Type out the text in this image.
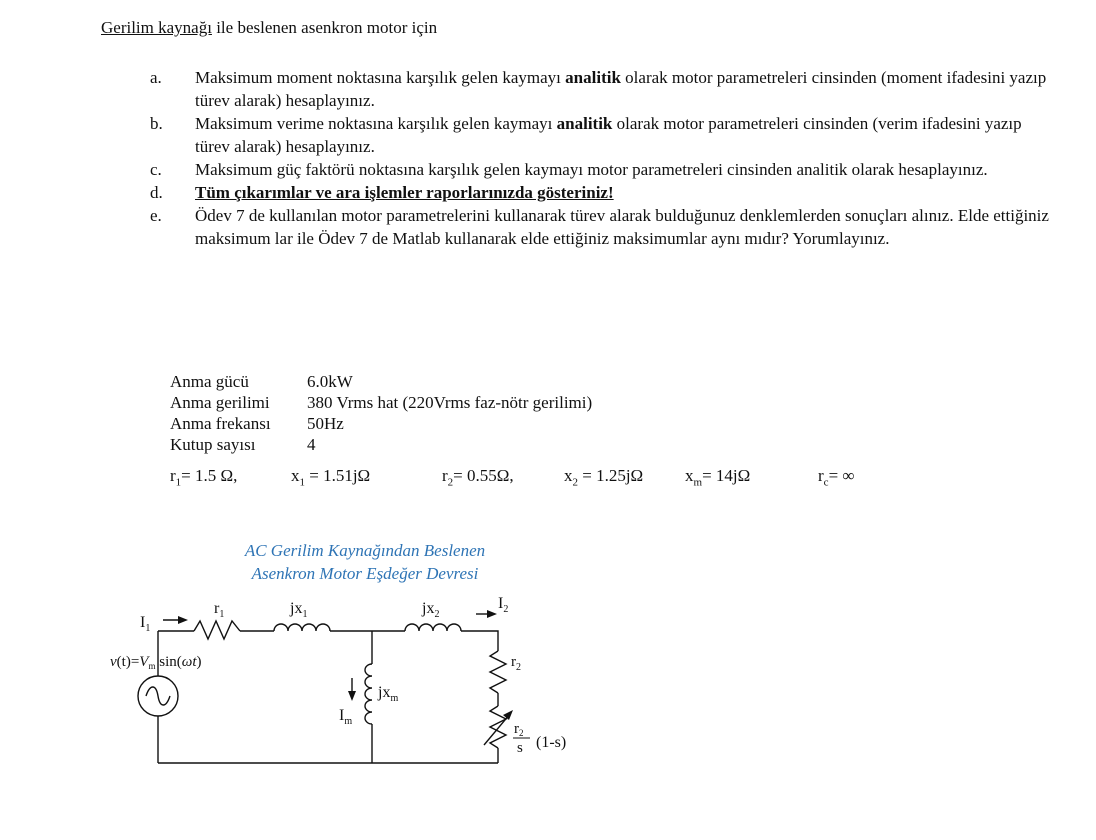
Gerilim kaynağı ile beslenen asenkron motor için
a. Maksimum moment noktasına karşılık gelen kaymayı analitik olarak motor parametreleri cinsinden (moment ifadesini yazıp türev alarak) hesaplayınız.
b. Maksimum verime noktasına karşılık gelen kaymayı analitik olarak motor parametreleri cinsinden (verim ifadesini yazıp türev alarak) hesaplayınız.
c. Maksimum güç faktörü noktasına karşılık gelen kaymayı motor parametreleri cinsinden analitik olarak hesaplayınız.
d. Tüm çıkarımlar ve ara işlemler raporlarınızda gösteriniz!
e. Ödev 7 de kullanılan motor parametrelerini kullanarak türev alarak bulduğunuz denklemlerden sonuçları alınız. Elde ettiğiniz maksimum lar ile Ödev 7 de Matlab kullanarak elde ettiğiniz maksimumlar aynı mıdır? Yorumlayınız.
Anma gücü	6.0kW
Anma gerilimi 380 Vrms hat (220Vrms faz-nötr gerilimi)
Anma frekansı 50Hz
Kutup sayısı	4
$r_1= 1.5$ Ω,	$x_1 = 1.51j\Omega$	$r_2= 0.55\Omega$,	$x_2 = 1.25j\Omega$ $x_m= 14j\Omega$	$r_c=$ ∞
AC Gerilim Kaynağından Beslenen
Asenkron Motor Eşdeğer Devresi
$I_1$
$r_1$	$jx_1$	$jx_2$
$I_2$
$r_2$
$jx_m$
$I_m$
$v(t)=V_m$ sin(ωt)
$r_2$
s (1-s)
